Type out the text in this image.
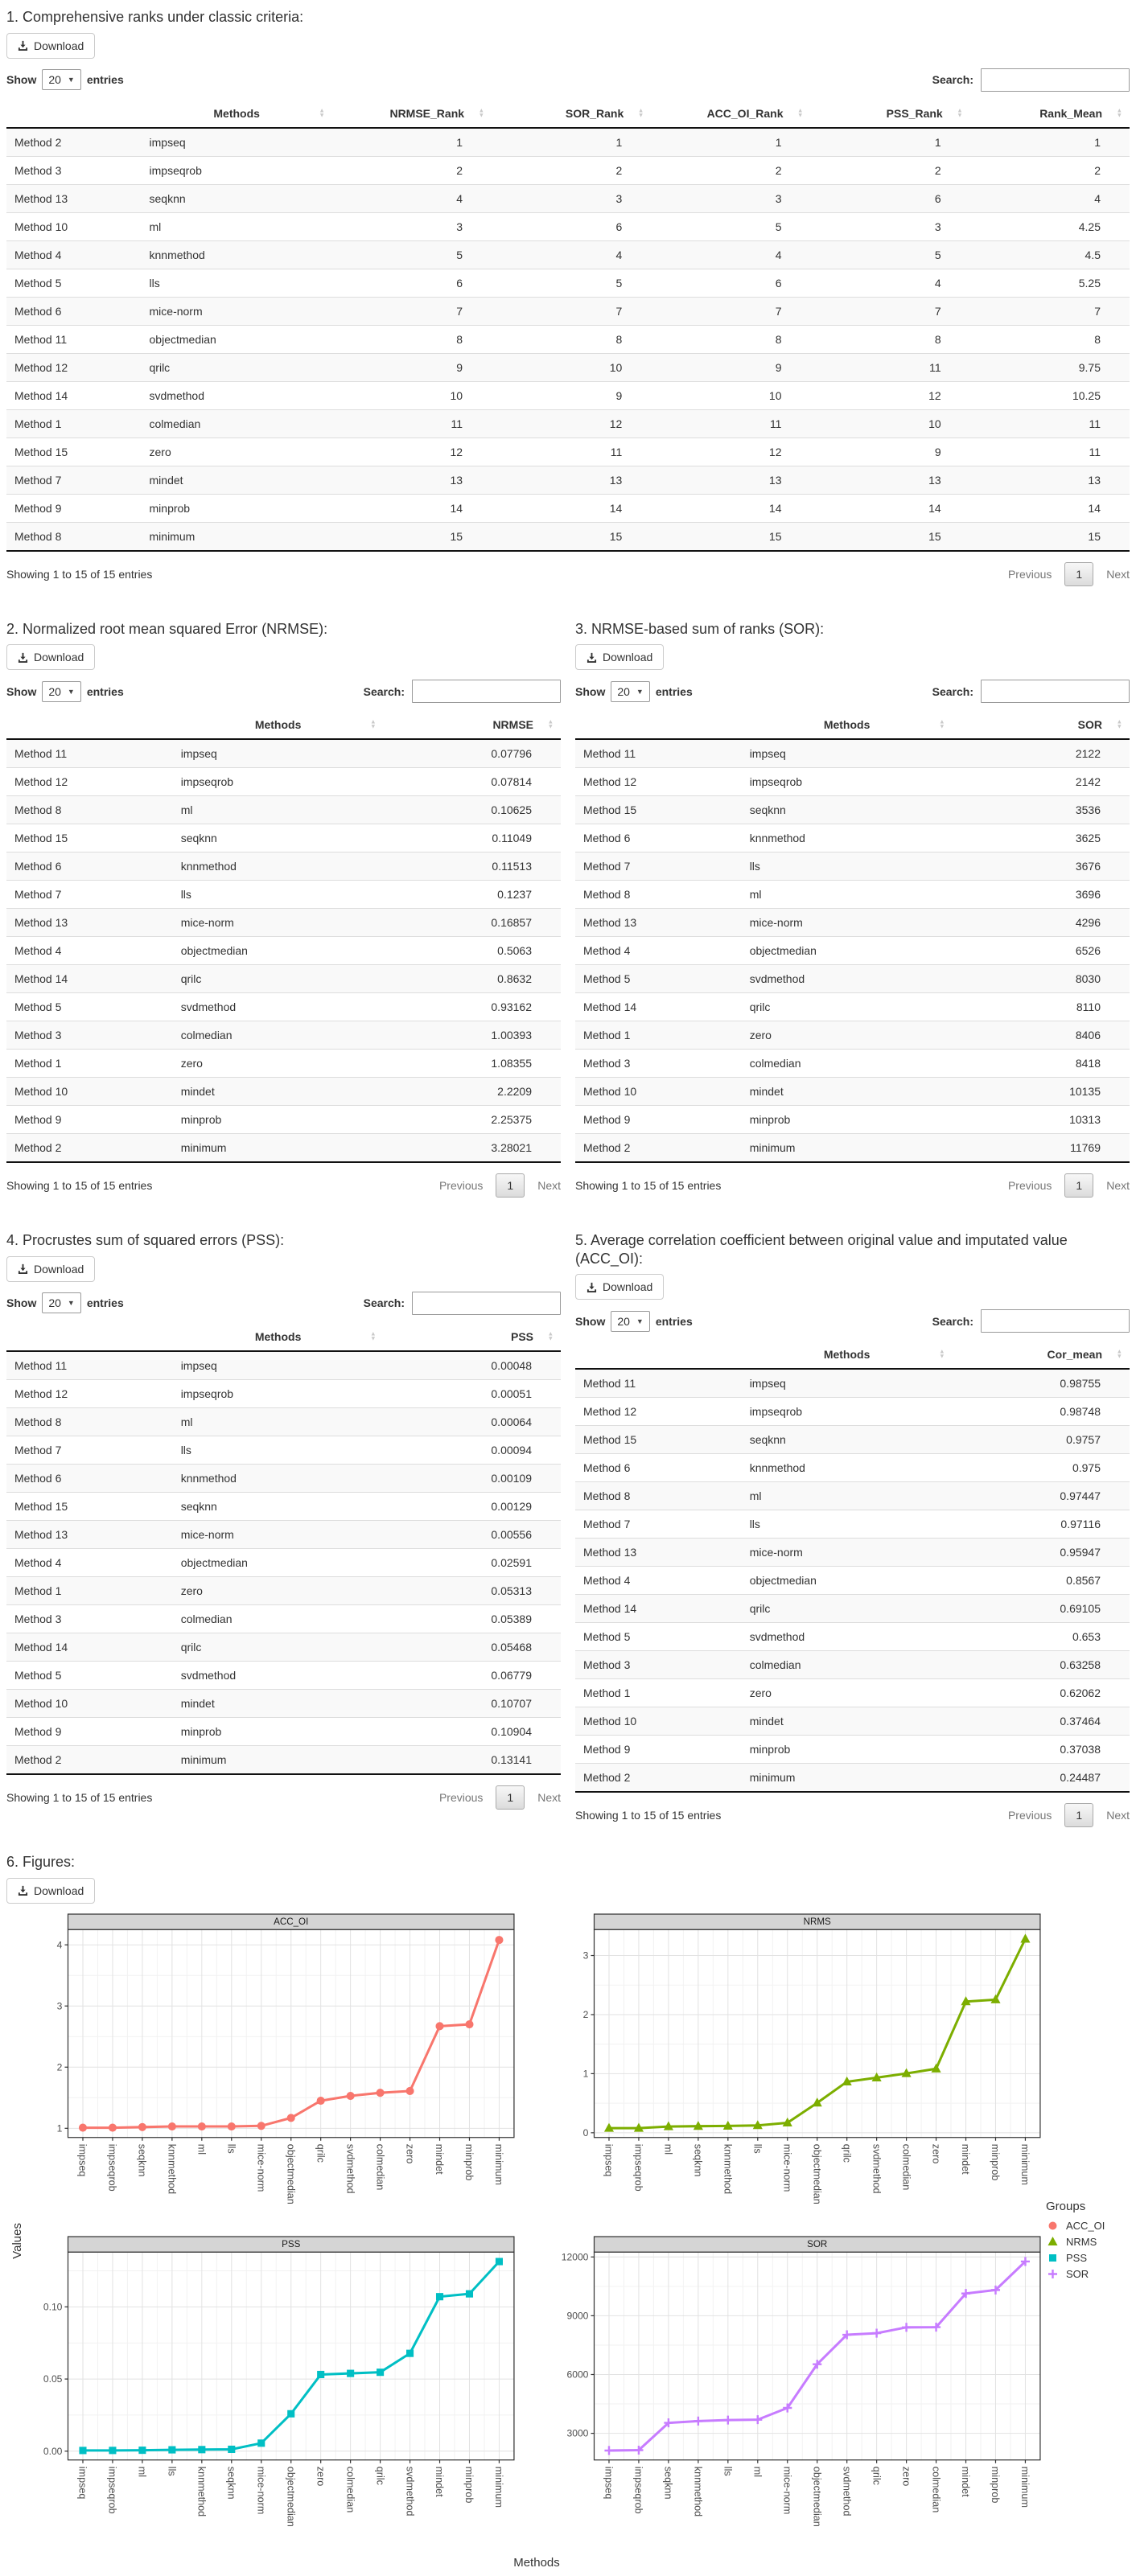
1. Comprehensive ranks under classic criteria:
Download
Show 20 ▼ entries	Search:
	Methods ▲
▼	NRMSE_Rank ▲
▼	SOR_Rank ▲
▼	ACC_OI_Rank ▲
▼	PSS_Rank ▲
▼	Rank_Mean ▲
▼

Method 2	impseq	1	1	1	1	1
Method 3	impseqrob	2	2	2	2	2
Method 13	seqknn	4	3	3	6	4
Method 10	ml	3	6	5	3	4.25
Method 4	knnmethod	5	4	4	5	4.5
Method 5	lls	6	5	6	4	5.25
Method 6	mice-norm	7	7	7	7	7
Method 11	objectmedian	8	8	8	8	8
Method 12	qrilc	9	10	9	11	9.75
Method 14	svdmethod	10	9	10	12	10.25
Method 1	colmedian	11	12	11	10	11
Method 15	zero	12	11	12	9	11
Method 7	mindet	13	13	13	13	13
Method 9	minprob	14	14	14	14	14
Method 8	minimum	15	15	15	15	15
Showing 1 to 15 of 15 entries	Previous	1	Next
2. Normalized root mean squared Error (NRMSE):
Download
Show 20 ▼ entries	Search:
	Methods ▲
▼	NRMSE ▲
▼

Method 11	impseq	0.07796
Method 12	impseqrob	0.07814
Method 8	ml	0.10625
Method 15	seqknn	0.11049
Method 6	knnmethod	0.11513
Method 7	lls	0.1237
Method 13	mice-norm	0.16857
Method 4	objectmedian	0.5063
Method 14	qrilc	0.8632
Method 5	svdmethod	0.93162
Method 3	colmedian	1.00393
Method 1	zero	1.08355
Method 10	mindet	2.2209
Method 9	minprob	2.25375
Method 2	minimum	3.28021
Showing 1 to 15 of 15 entries	Previous	1	Next
3. NRMSE-based sum of ranks (SOR):
Download
Show 20 ▼ entries	Search:
	Methods ▲
▼	SOR ▲
▼

Method 11	impseq	2122
Method 12	impseqrob	2142
Method 15	seqknn	3536
Method 6	knnmethod	3625
Method 7	lls	3676
Method 8	ml	3696
Method 13	mice-norm	4296
Method 4	objectmedian	6526
Method 5	svdmethod	8030
Method 14	qrilc	8110
Method 1	zero	8406
Method 3	colmedian	8418
Method 10	mindet	10135
Method 9	minprob	10313
Method 2	minimum	11769
Showing 1 to 15 of 15 entries	Previous	1	Next
4. Procrustes sum of squared errors (PSS):
Download
Show 20 ▼ entries	Search:
	Methods ▲
▼	PSS ▲
▼

Method 11	impseq	0.00048
Method 12	impseqrob	0.00051
Method 8	ml	0.00064
Method 7	lls	0.00094
Method 6	knnmethod	0.00109
Method 15	seqknn	0.00129
Method 13	mice-norm	0.00556
Method 4	objectmedian	0.02591
Method 1	zero	0.05313
Method 3	colmedian	0.05389
Method 14	qrilc	0.05468
Method 5	svdmethod	0.06779
Method 10	mindet	0.10707
Method 9	minprob	0.10904
Method 2	minimum	0.13141
Showing 1 to 15 of 15 entries	Previous	1	Next
5. Average correlation coefficient between original value and imputated value (ACC_OI):
Download
Show 20 ▼ entries	Search:
	Methods ▲
▼	Cor_mean ▲
▼

Method 11	impseq	0.98755
Method 12	impseqrob	0.98748
Method 15	seqknn	0.9757
Method 6	knnmethod	0.975
Method 8	ml	0.97447
Method 7	lls	0.97116
Method 13	mice-norm	0.95947
Method 4	objectmedian	0.8567
Method 14	qrilc	0.69105
Method 5	svdmethod	0.653
Method 3	colmedian	0.63258
Method 1	zero	0.62062
Method 10	mindet	0.37464
Method 9	minprob	0.37038
Method 2	minimum	0.24487
Showing 1 to 15 of 15 entries	Previous	1	Next
6. Figures:
Download
Values
ACC_OI
1
2
3
4
impseq impseqrob seqknn knnmethod ml lls mice-norm objectmedian qrilc svdmethod colmedian zero mindet minprob minimum
NRMS
0
1
2
3
impseq impseqrob ml seqknn knnmethod lls mice-norm objectmedian qrilc svdmethod colmedian zero mindet minprob minimum
PSS
0.00
0.05
0.10
impseq impseqrob ml lls knnmethod seqknn mice-norm objectmedian zero colmedian qrilc svdmethod mindet minprob minimum
SOR
3000
6000
9000
12000
impseq impseqrob seqknn knnmethod lls ml mice-norm objectmedian svdmethod qrilc zero colmedian mindet minprob minimum
Methods
Groups
ACC_OI
NRMS
PSS
SOR
